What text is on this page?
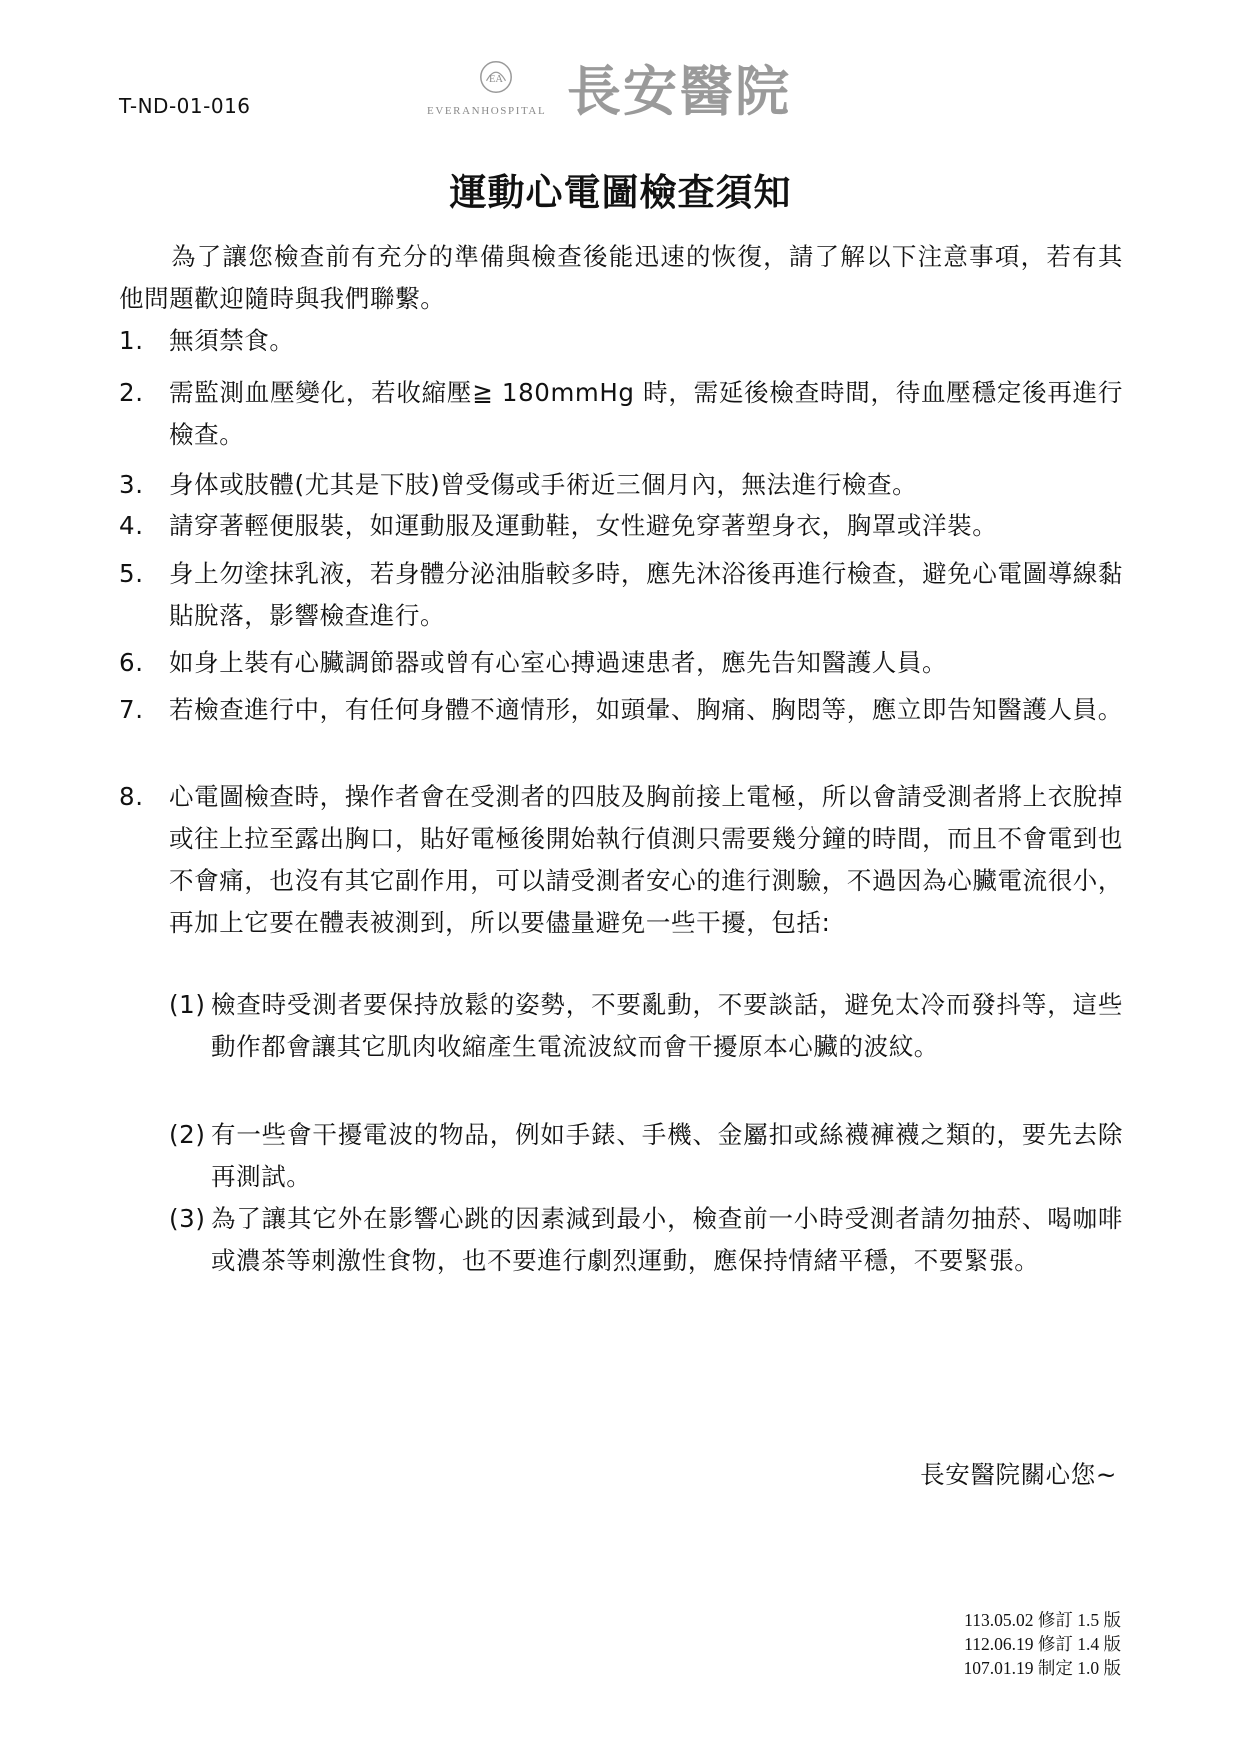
T-ND-01-016
EA
EVERANHOSPITAL 長安醫院
運動心電圖檢查須知
為了讓您檢查前有充分的準備與檢查後能迅速的恢復，請了解以下注意事項，若有其他問題歡迎隨時與我們聯繫。
1. 無須禁食。
2. 需監測血壓變化，若收縮壓≧ 180mmHg 時，需延後檢查時間，待血壓穩定後再進行檢查。
3. 身体或肢體(尤其是下肢)曾受傷或手術近三個月內，無法進行檢查。
4. 請穿著輕便服裝，如運動服及運動鞋，女性避免穿著塑身衣，胸罩或洋裝。
5. 身上勿塗抹乳液，若身體分泌油脂較多時，應先沐浴後再進行檢查，避免心電圖導線黏貼脫落，影響檢查進行。
6. 如身上裝有心臟調節器或曾有心室心搏過速患者，應先告知醫護人員。
7. 若檢查進行中，有任何身體不適情形，如頭暈、胸痛、胸悶等，應立即告知醫護人員。
8. 心電圖檢查時，操作者會在受測者的四肢及胸前接上電極，所以會請受測者將上衣脫掉或往上拉至露出胸口，貼好電極後開始執行偵測只需要幾分鐘的時間，而且不會電到也不會痛，也沒有其它副作用，可以請受測者安心的進行測驗，不過因為心臟電流很小，再加上它要在體表被測到，所以要儘量避免一些干擾，包括:
(1) 檢查時受測者要保持放鬆的姿勢，不要亂動，不要談話，避免太冷而發抖等，這些動作都會讓其它肌肉收縮產生電流波紋而會干擾原本心臟的波紋。
(2) 有一些會干擾電波的物品，例如手錶、手機、金屬扣或絲襪褲襪之類的，要先去除再測試。
(3) 為了讓其它外在影響心跳的因素減到最小，檢查前一小時受測者請勿抽菸、喝咖啡或濃茶等刺激性食物，也不要進行劇烈運動，應保持情緒平穩，不要緊張。
長安醫院關心您~
113.05.02 修訂 1.5 版
112.06.19 修訂 1.4 版
107.01.19 制定 1.0 版
